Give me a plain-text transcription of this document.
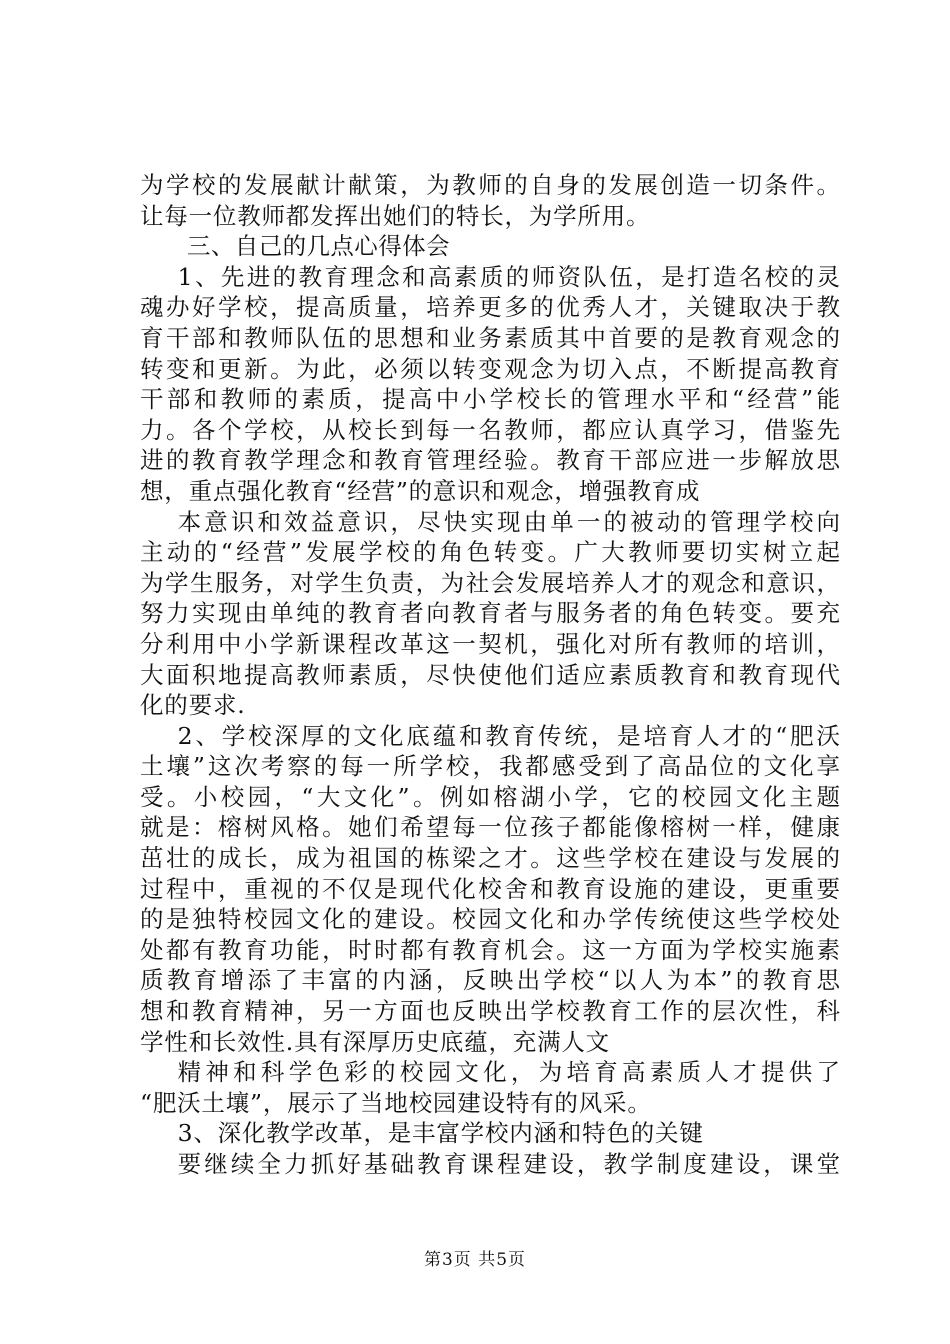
为学校的发展献计献策，为教师的自身的发展创造一切条件。
让每一位教师都发挥出她们的特长，为学所用。
三、自己的几点心得体会
1、先进的教育理念和高素质的师资队伍，是打造名校的灵
魂办好学校，提高质量，培养更多的优秀人才，关键取决于教
育干部和教师队伍的思想和业务素质其中首要的是教育观念的
转变和更新。为此，必须以转变观念为切入点，不断提高教育
干部和教师的素质，提高中小学校长的管理水平和“经营”能
力。各个学校，从校长到每一名教师，都应认真学习，借鉴先
进的教育教学理念和教育管理经验。教育干部应进一步解放思
想，重点强化教育“经营”的意识和观念，增强教育成
本意识和效益意识，尽快实现由单一的被动的管理学校向
主动的“经营”发展学校的角色转变。广大教师要切实树立起
为学生服务，对学生负责，为社会发展培养人才的观念和意识，
努力实现由单纯的教育者向教育者与服务者的角色转变。要充
分利用中小学新课程改革这一契机，强化对所有教师的培训，
大面积地提高教师素质，尽快使他们适应素质教育和教育现代
化的要求.
2、学校深厚的文化底蕴和教育传统，是培育人才的“肥沃
土壤”这次考察的每一所学校，我都感受到了高品位的文化享
受。小校园，“大文化”。例如榕湖小学，它的校园文化主题
就是：榕树风格。她们希望每一位孩子都能像榕树一样，健康
茁壮的成长，成为祖国的栋梁之才。这些学校在建设与发展的
过程中，重视的不仅是现代化校舍和教育设施的建设，更重要
的是独特校园文化的建设。校园文化和办学传统使这些学校处
处都有教育功能，时时都有教育机会。这一方面为学校实施素
质教育增添了丰富的内涵，反映出学校“以人为本”的教育思
想和教育精神，另一方面也反映出学校教育工作的层次性，科
学性和长效性.具有深厚历史底蕴，充满人文
精神和科学色彩的校园文化，为培育高素质人才提供了
“肥沃土壤”，展示了当地校园建设特有的风采。
3、深化教学改革，是丰富学校内涵和特色的关键
要继续全力抓好基础教育课程建设，教学制度建设，课堂
第3页 共5页
